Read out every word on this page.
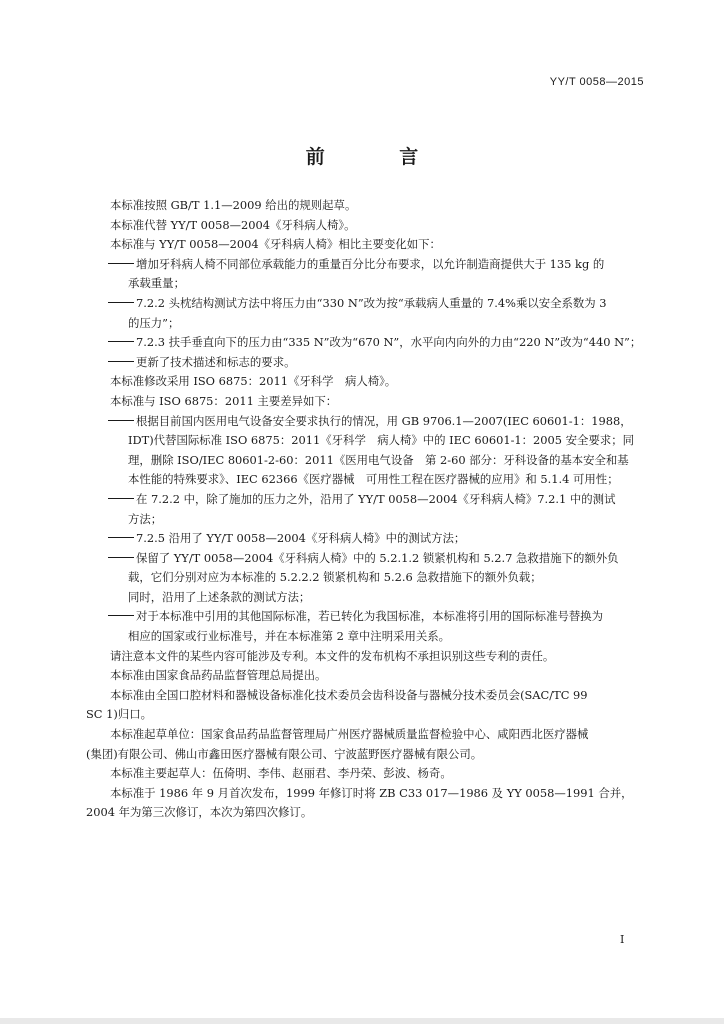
YY/T 0058—2015
前 言
本标准按照 GB/T 1.1—2009 给出的规则起草。
本标准代替 YY/T 0058—2004《牙科病人椅》。
本标准与 YY/T 0058—2004《牙科病人椅》相比主要变化如下：
增加牙科病人椅不同部位承载能力的重量百分比分布要求，以允许制造商提供大于 135 kg 的
承载重量；
7.2.2 头枕结构测试方法中将压力由“330 N”改为按“承载病人重量的 7.4%乘以安全系数为 3
的压力”；
7.2.3 扶手垂直向下的压力由“335 N”改为“670 N”，水平向内向外的力由“220 N”改为“440 N”；
更新了技术描述和标志的要求。
本标准修改采用 ISO 6875：2011《牙科学　病人椅》。
本标准与 ISO 6875：2011 主要差异如下：
根据目前国内医用电气设备安全要求执行的情况，用 GB 9706.1—2007(IEC 60601-1：1988，
IDT)代替国际标准 ISO 6875：2011《牙科学　病人椅》中的 IEC 60601-1：2005 安全要求；同
理，删除 ISO/IEC 80601-2-60：2011《医用电气设备　第 2-60 部分：牙科设备的基本安全和基
本性能的特殊要求》、IEC 62366《医疗器械　可用性工程在医疗器械的应用》和 5.1.4 可用性；
在 7.2.2 中，除了施加的压力之外，沿用了 YY/T 0058—2004《牙科病人椅》7.2.1 中的测试
方法；
7.2.5 沿用了 YY/T 0058—2004《牙科病人椅》中的测试方法；
保留了 YY/T 0058—2004《牙科病人椅》中的 5.2.1.2 锁紧机构和 5.2.7 急救措施下的额外负
载，它们分别对应为本标准的 5.2.2.2 锁紧机构和 5.2.6 急救措施下的额外负载；
同时，沿用了上述条款的测试方法；
对于本标准中引用的其他国际标准，若已转化为我国标准，本标准将引用的国际标准号替换为
相应的国家或行业标准号，并在本标准第 2 章中注明采用关系。
请注意本文件的某些内容可能涉及专利。本文件的发布机构不承担识别这些专利的责任。
本标准由国家食品药品监督管理总局提出。
本标准由全国口腔材料和器械设备标准化技术委员会齿科设备与器械分技术委员会(SAC/TC 99
SC 1)归口。
本标准起草单位：国家食品药品监督管理局广州医疗器械质量监督检验中心、咸阳西北医疗器械
(集团)有限公司、佛山市鑫田医疗器械有限公司、宁波蓝野医疗器械有限公司。
本标准主要起草人：伍倚明、李伟、赵丽君、李丹荣、彭波、杨奇。
本标准于 1986 年 9 月首次发布，1999 年修订时将 ZB C33 017—1986 及 YY 0058—1991 合并，
2004 年为第三次修订，本次为第四次修订。
I
